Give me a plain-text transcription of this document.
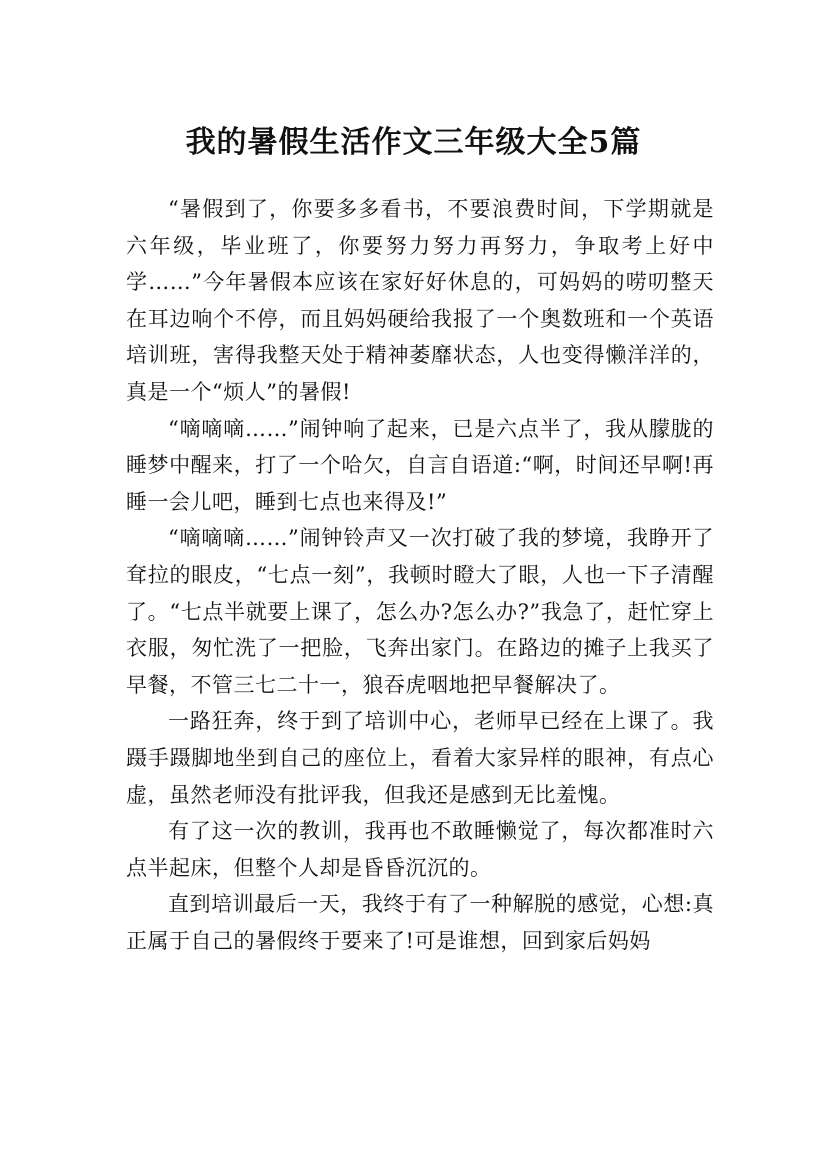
我的暑假生活作文三年级大全5篇

“暑假到了，你要多多看书，不要浪费时间，下学期就是六年级，毕业班了，你要努力努力再努力，争取考上好中学……”今年暑假本应该在家好好休息的，可妈妈的唠叨整天在耳边响个不停，而且妈妈硬给我报了一个奥数班和一个英语培训班，害得我整天处于精神萎靡状态，人也变得懒洋洋的，真是一个“烦人”的暑假!

“嘀嘀嘀……”闹钟响了起来，已是六点半了，我从朦胧的睡梦中醒来，打了一个哈欠，自言自语道:“啊，时间还早啊!再睡一会儿吧，睡到七点也来得及!”

“嘀嘀嘀……”闹钟铃声又一次打破了我的梦境，我睁开了耷拉的眼皮，“七点一刻”，我顿时瞪大了眼，人也一下子清醒了。“七点半就要上课了，怎么办?怎么办?”我急了，赶忙穿上衣服，匆忙洗了一把脸，飞奔出家门。在路边的摊子上我买了早餐，不管三七二十一，狼吞虎咽地把早餐解决了。

一路狂奔，终于到了培训中心，老师早已经在上课了。我蹑手蹑脚地坐到自己的座位上，看着大家异样的眼神，有点心虚，虽然老师没有批评我，但我还是感到无比羞愧。

有了这一次的教训，我再也不敢睡懒觉了，每次都准时六点半起床，但整个人却是昏昏沉沉的。

直到培训最后一天，我终于有了一种解脱的感觉，心想:真正属于自己的暑假终于要来了!可是谁想，回到家后妈妈
